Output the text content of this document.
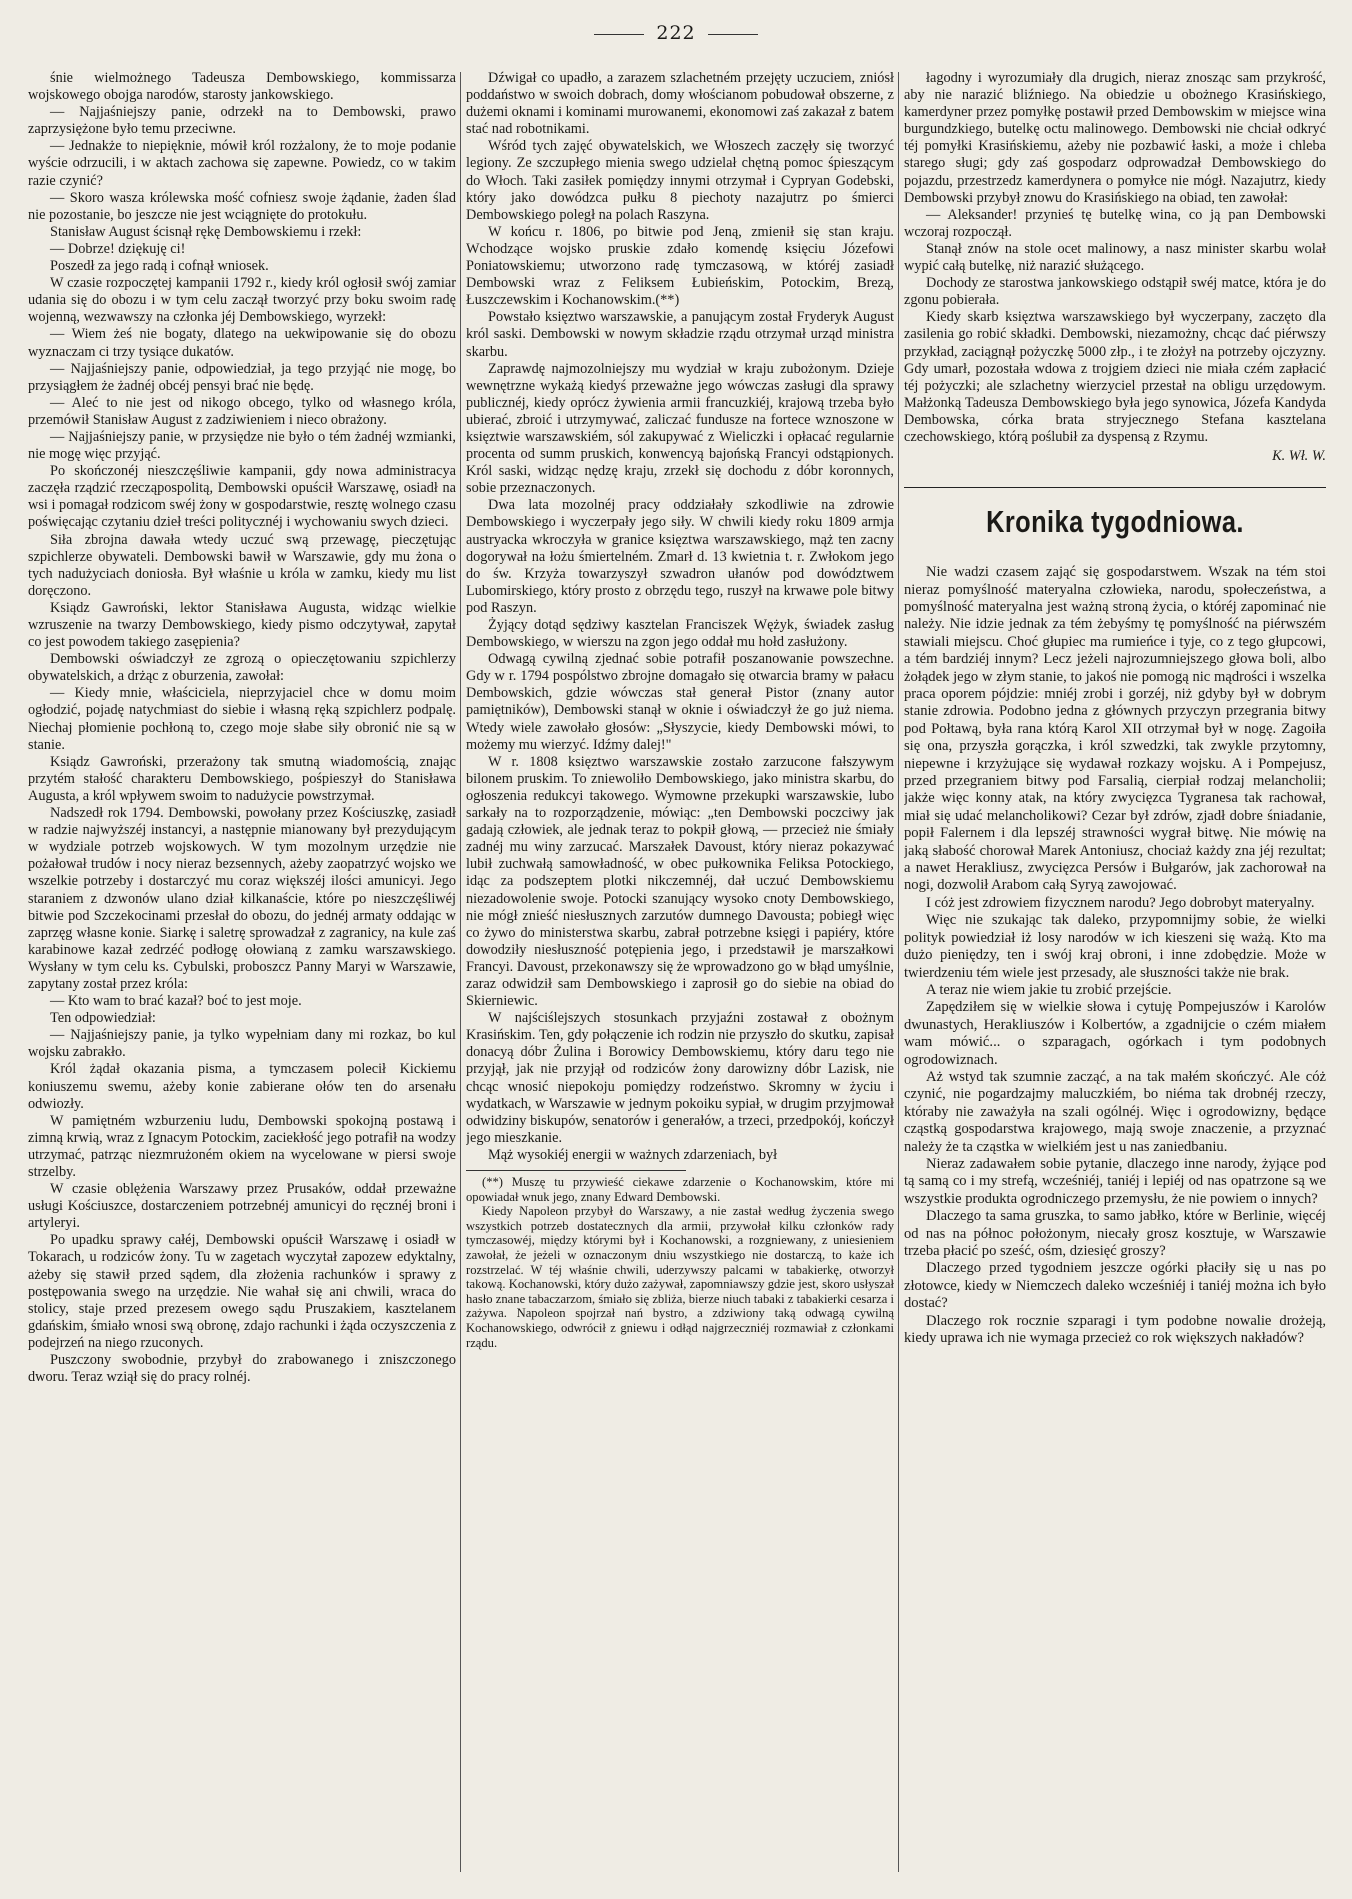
222

śnie wielmożnego Tadeusza Dembowskiego, kommissarza wojskowego obojga narodów, starosty jankowskiego.

— Najjaśniejszy panie, odrzekł na to Dembowski, prawo zaprzysiężone było temu przeciwne.

— Jednakże to niepięknie, mówił król rozżalony, że to moje podanie wyście odrzucili, i w aktach zachowa się zapewne. Powiedz, co w takim razie czynić?

— Skoro wasza królewska mość cofniesz swoje żądanie, żaden ślad nie pozostanie, bo jeszcze nie jest wciągnięte do protokułu.

Stanisław August ścisnął rękę Dembowskiemu i rzekł:

— Dobrze! dziękuję ci!

Poszedł za jego radą i cofnął wniosek.

W czasie rozpoczętej kampanii 1792 r., kiedy król ogłosił swój zamiar udania się do obozu i w tym celu zaczął tworzyć przy boku swoim radę wojenną, wezwawszy na członka jéj Dembowskiego, wyrzekł:

— Wiem żeś nie bogaty, dlatego na uekwipowanie się do obozu wyznaczam ci trzy tysiące dukatów.

— Najjaśniejszy panie, odpowiedział, ja tego przyjąć nie mogę, bo przysiągłem że żadnéj obcéj pensyi brać nie będę.

— Aleć to nie jest od nikogo obcego, tylko od własnego króla, przemówił Stanisław August z zadziwieniem i nieco obrażony.

— Najjaśniejszy panie, w przysiędze nie było o tém żadnéj wzmianki, nie mogę więc przyjąć.

Po skończonéj nieszczęśliwie kampanii, gdy nowa administracya zaczęła rządzić rzecząpospolitą, Dembowski opuścił Warszawę, osiadł na wsi i pomagał rodzicom swéj żony w gospodarstwie, resztę wolnego czasu poświęcając czytaniu dzieł treści politycznéj i wychowaniu swych dzieci.

Siła zbrojna dawała wtedy uczuć swą przewagę, pieczętując szpichlerze obywateli. Dembowski bawił w Warszawie, gdy mu żona o tych nadużyciach doniosła. Był właśnie u króla w zamku, kiedy mu list doręczono.

Ksiądz Gawroński, lektor Stanisława Augusta, widząc wielkie wzruszenie na twarzy Dembowskiego, kiedy pismo odczytywał, zapytał co jest powodem takiego zasępienia?

Dembowski oświadczył ze zgrozą o opieczętowaniu szpichlerzy obywatelskich, a drżąc z oburzenia, zawołał:

— Kiedy mnie, właściciela, nieprzyjaciel chce w domu moim ogłodzić, pojadę natychmiast do siebie i własną ręką szpichlerz podpalę. Niechaj płomienie pochłoną to, czego moje słabe siły obronić nie są w stanie.

Ksiądz Gawroński, przerażony tak smutną wiadomością, znając przytém stałość charakteru Dembowskiego, pośpieszył do Stanisława Augusta, a król wpływem swoim to nadużycie powstrzymał.

Nadszedł rok 1794. Dembowski, powołany przez Kościuszkę, zasiadł w radzie najwyższéj instancyi, a następnie mianowany był prezydującym w wydziale potrzeb wojskowych. W tym mozolnym urzędzie nie pożałował trudów i nocy nieraz bezsennych, ażeby zaopatrzyć wojsko we wszelkie potrzeby i dostarczyć mu coraz większéj ilości amunicyi. Jego staraniem z dzwonów ulano dział kilkanaście, które po nieszczęśliwéj bitwie pod Szczekocinami przesłał do obozu, do jednéj armaty oddając w zaprzęg własne konie. Siarkę i saletrę sprowadzał z zagranicy, na kule zaś karabinowe kazał zedrzéć podłogę ołowianą z zamku warszawskiego. Wysłany w tym celu ks. Cybulski, proboszcz Panny Maryi w Warszawie, zapytany został przez króla:

— Kto wam to brać kazał? boć to jest moje.

Ten odpowiedział:

— Najjaśniejszy panie, ja tylko wypełniam dany mi rozkaz, bo kul wojsku zabrakło.

Król żądał okazania pisma, a tymczasem polecił Kickiemu koniuszemu swemu, ażeby konie zabierane ołów ten do arsenału odwiozły.

W pamiętném wzburzeniu ludu, Dembowski spokojną postawą i zimną krwią, wraz z Ignacym Potockim, zaciekłość jego potrafił na wodzy utrzymać, patrząc niezmrużoném okiem na wycelowane w piersi swoje strzelby.

W czasie oblężenia Warszawy przez Prusaków, oddał przeważne usługi Kościuszce, dostarczeniem potrzebnéj amunicyi do ręcznéj broni i artyleryi.

Po upadku sprawy całéj, Dembowski opuścił Warszawę i osiadł w Tokarach, u rodziców żony. Tu w zagetach wyczytał zapozew edyktalny, ażeby się stawił przed sądem, dla złożenia rachunków i sprawy z postępowania swego na urzędzie. Nie wahał się ani chwili, wraca do stolicy, staje przed prezesem owego sądu Pruszakiem, kasztelanem gdańskim, śmiało wnosi swą obronę, zdajo rachunki i żąda oczyszczenia z podejrzeń na niego rzuconych.

Puszczony swobodnie, przybył do zrabowanego i zniszczonego dworu. Teraz wziął się do pracy rolnéj.

Dźwigał co upadło, a zarazem szlachetném przejęty uczuciem, zniósł poddaństwo w swoich dobrach, domy włościanom pobudował obszerne, z dużemi oknami i kominami murowanemi, ekonomowi zaś zakazał z batem stać nad robotnikami.

Wśród tych zajęć obywatelskich, we Włoszech zaczęły się tworzyć legiony. Ze szczupłego mienia swego udzielał chętną pomoc śpieszącym do Włoch. Taki zasiłek pomiędzy innymi otrzymał i Cypryan Godebski, który jako dowódzca pułku 8 piechoty nazajutrz po śmierci Dembowskiego poległ na polach Raszyna.

W końcu r. 1806, po bitwie pod Jeną, zmienił się stan kraju. Wchodzące wojsko pruskie zdało komendę księciu Józefowi Poniatowskiemu; utworzono radę tymczasową, w któréj zasiadł Dembowski wraz z Feliksem Łubieńskim, Potockim, Brezą, Łuszczewskim i Kochanowskim.(**)

Powstało księztwo warszawskie, a panującym został Fryderyk August król saski. Dembowski w nowym składzie rządu otrzymał urząd ministra skarbu.

Zaprawdę najmozolniejszy mu wydział w kraju zubożonym. Dzieje wewnętrzne wykażą kiedyś przeważne jego wówczas zasługi dla sprawy publicznéj, kiedy oprócz żywienia armii francuzkiéj, krajową trzeba było ubierać, zbroić i utrzymywać, zaliczać fundusze na fortece wznoszone w księztwie warszawskiém, sól zakupywać z Wieliczki i opłacać regularnie procenta od summ pruskich, konwencyą bajońską Francyi odstąpionych. Król saski, widząc nędzę kraju, zrzekł się dochodu z dóbr koronnych, sobie przeznaczonych.

Dwa lata mozolnéj pracy oddziałały szkodliwie na zdrowie Dembowskiego i wyczerpały jego siły. W chwili kiedy roku 1809 armja austryacka wkroczyła w granice księztwa warszawskiego, mąż ten zacny dogorywał na łożu śmiertelném. Zmarł d. 13 kwietnia t. r. Zwłokom jego do św. Krzyża towarzyszył szwadron ułanów pod dowództwem Lubomirskiego, który prosto z obrzędu tego, ruszył na krwawe pole bitwy pod Raszyn.

Żyjący dotąd sędziwy kasztelan Franciszek Wężyk, świadek zasług Dembowskiego, w wierszu na zgon jego oddał mu hołd zasłużony.

Odwagą cywilną zjednać sobie potrafił poszanowanie powszechne. Gdy w r. 1794 pospólstwo zbrojne domagało się otwarcia bramy w pałacu Dembowskich, gdzie wówczas stał generał Pistor (znany autor pamiętników), Dembowski stanął w oknie i oświadczył że go już niema. Wtedy wiele zawołało głosów: „Słyszycie, kiedy Dembowski mówi, to możemy mu wierzyć. Idźmy dalej!"

W r. 1808 księztwo warszawskie zostało zarzucone fałszywym bilonem pruskim. To zniewoliło Dembowskiego, jako ministra skarbu, do ogłoszenia redukcyi takowego. Wymowne przekupki warszawskie, lubo sarkały na to rozporządzenie, mówiąc: „ten Dembowski poczciwy jak gadają człowiek, ale jednak teraz to pokpił głową, — przecież nie śmiały zadnéj mu winy zarzucać. Marszałek Davoust, który nieraz pokazywać lubił zuchwałą samowładność, w obec pułkownika Feliksa Potockiego, idąc za podszeptem plotki nikczemnéj, dał uczuć Dembowskiemu niezadowolenie swoje. Potocki szanujący wysoko cnoty Dembowskiego, nie mógł znieść niesłusznych zarzutów dumnego Davousta; pobiegł więc co żywo do ministerstwa skarbu, zabrał potrzebne księgi i papiéry, które dowodziły niesłuszność potępienia jego, i przedstawił je marszałkowi Francyi. Davoust, przekonawszy się że wprowadzono go w błąd umyślnie, zaraz odwidził sam Dembowskiego i zaprosił go do siebie na obiad do Skierniewic.

W najściślejszych stosunkach przyjaźni zostawał z obożnym Krasińskim. Ten, gdy połączenie ich rodzin nie przyszło do skutku, zapisał donacyą dóbr Żulina i Borowicy Dembowskiemu, który daru tego nie przyjął, jak nie przyjął od rodziców żony darowizny dóbr Lazisk, nie chcąc wnosić niepokoju pomiędzy rodzeństwo. Skromny w życiu i wydatkach, w Warszawie w jednym pokoiku sypiał, w drugim przyjmował odwidziny biskupów, senatorów i generałów, a trzeci, przedpokój, kończył jego mieszkanie.

Mąż wysokiéj energii w ważnych zdarzeniach, był

(**) Muszę tu przywieść ciekawe zdarzenie o Kochanowskim, które mi opowiadał wnuk jego, znany Edward Dembowski.

Kiedy Napoleon przybył do Warszawy, a nie zastał według życzenia swego wszystkich potrzeb dostatecznych dla armii, przywołał kilku członków rady tymczasowéj, między którymi był i Kochanowski, a rozgniewany, z uniesieniem zawołał, że jeżeli w oznaczonym dniu wszystkiego nie dostarczą, to każe ich rozstrzelać. W téj właśnie chwili, uderzywszy palcami w tabakierkę, otworzył takową. Kochanowski, który dużo zażywał, zapomniawszy gdzie jest, skoro usłyszał hasło znane tabaczarzom, śmiało się zbliża, bierze niuch tabaki z tabakierki cesarza i zażywa. Napoleon spojrzał nań bystro, a zdziwiony taką odwagą cywilną Kochanowskiego, odwrócił z gniewu i odłąd najgrzeczniéj rozmawiał z członkami rządu.

łagodny i wyrozumiały dla drugich, nieraz znosząc sam przykrość, aby nie narazić bliźniego. Na obiedzie u obożnego Krasińskiego, kamerdyner przez pomyłkę postawił przed Dembowskim w miejsce wina burgundzkiego, butelkę octu malinowego. Dembowski nie chciał odkryć téj pomyłki Krasińskiemu, ażeby nie pozbawić łaski, a może i chleba starego sługi; gdy zaś gospodarz odprowadzał Dembowskiego do pojazdu, przestrzedz kamerdynera o pomyłce nie mógł. Nazajutrz, kiedy Dembowski przybył znowu do Krasińskiego na obiad, ten zawołał:

— Aleksander! przynieś tę butelkę wina, co ją pan Dembowski wczoraj rozpoczął.

Stanął znów na stole ocet malinowy, a nasz minister skarbu wolał wypić całą butelkę, niż narazić służącego.

Dochody ze starostwa jankowskiego odstąpił swéj matce, która je do zgonu pobierała.

Kiedy skarb księztwa warszawskiego był wyczerpany, zaczęto dla zasilenia go robić składki. Dembowski, niezamożny, chcąc dać piérwszy przykład, zaciągnął pożyczkę 5000 złp., i te złożył na potrzeby ojczyzny. Gdy umarł, pozostała wdowa z trojgiem dzieci nie miała czém zapłacić téj pożyczki; ale szlachetny wierzyciel przestał na obligu urzędowym. Małżonką Tadeusza Dembowskiego była jego synowica, Józefa Kandyda Dembowska, córka brata stryjecznego Stefana kasztelana czechowskiego, którą poślubił za dyspensą z Rzymu.

K. Wł. W.
Kronika tygodniowa.

Nie wadzi czasem zająć się gospodarstwem. Wszak na tém stoi nieraz pomyślność materyalna człowieka, narodu, społeczeństwa, a pomyślność materyalna jest ważną stroną życia, o któréj zapominać nie należy. Nie idzie jednak za tém żebyśmy tę pomyślność na piérwszém stawiali miejscu. Choć głupiec ma rumieńce i tyje, co z tego głupcowi, a tém bardziéj innym? Lecz jeżeli najrozumniejszego głowa boli, albo żołądek jego w złym stanie, to jakoś nie pomogą nic mądrości i wszelka praca oporem pójdzie: mniéj zrobi i gorzéj, niż gdyby był w dobrym stanie zdrowia. Podobno jedna z głównych przyczyn przegrania bitwy pod Połtawą, była rana którą Karol XII otrzymał był w nogę. Zagoiła się ona, przyszła gorączka, i król szwedzki, tak zwykle przytomny, niepewne i krzyżujące się wydawał rozkazy wojsku. A i Pompejusz, przed przegraniem bitwy pod Farsalią, cierpiał rodzaj melancholii; jakże więc konny atak, na który zwycięzca Tygranesa tak rachował, miał się udać melancholikowi? Cezar był zdrów, zjadł dobre śniadanie, popił Falernem i dla lepszéj strawności wygrał bitwę. Nie mówię na jaką słabość chorował Marek Antoniusz, chociaż każdy zna jéj rezultat; a nawet Herakliusz, zwycięzca Persów i Bułgarów, jak zachorował na nogi, dozwolił Arabom całą Syryą zawojować.

I cóż jest zdrowiem fizycznem narodu? Jego dobrobyt materyalny.

Więc nie szukając tak daleko, przypomnijmy sobie, że wielki polityk powiedział iż losy narodów w ich kieszeni się ważą. Kto ma dużo pieniędzy, ten i swój kraj obroni, i inne zdobędzie. Może w twierdzeniu tém wiele jest przesady, ale słuszności także nie brak.

A teraz nie wiem jakie tu zrobić przejście.

Zapędziłem się w wielkie słowa i cytuję Pompejuszów i Karolów dwunastych, Herakliuszów i Kolbertów, a zgadnijcie o czém miałem wam mówić... o szparagach, ogórkach i tym podobnych ogrodowiznach.

Aż wstyd tak szumnie zacząć, a na tak małém skończyć. Ale cóż czynić, nie pogardzajmy maluczkiém, bo niéma tak drobnéj rzeczy, któraby nie zaważyła na szali ogólnéj. Więc i ogrodowizny, będące cząstką gospodarstwa krajowego, mają swoje znaczenie, a przyznać należy że ta cząstka w wielkiém jest u nas zaniedbaniu.

Nieraz zadawałem sobie pytanie, dlaczego inne narody, żyjące pod tą samą co i my strefą, wcześniéj, taniéj i lepiéj od nas opatrzone są we wszystkie produkta ogrodniczego przemysłu, że nie powiem o innych?

Dlaczego ta sama gruszka, to samo jabłko, które w Berlinie, więcéj od nas na północ położonym, niecały grosz kosztuje, w Warszawie trzeba płacić po sześć, ośm, dziesięć groszy?

Dlaczego przed tygodniem jeszcze ogórki płaciły się u nas po złotowce, kiedy w Niemczech daleko wcześniéj i taniéj można ich było dostać?

Dlaczego rok rocznie szparagi i tym podobne nowalie drożeją, kiedy uprawa ich nie wymaga przecież co rok większych nakładów?
